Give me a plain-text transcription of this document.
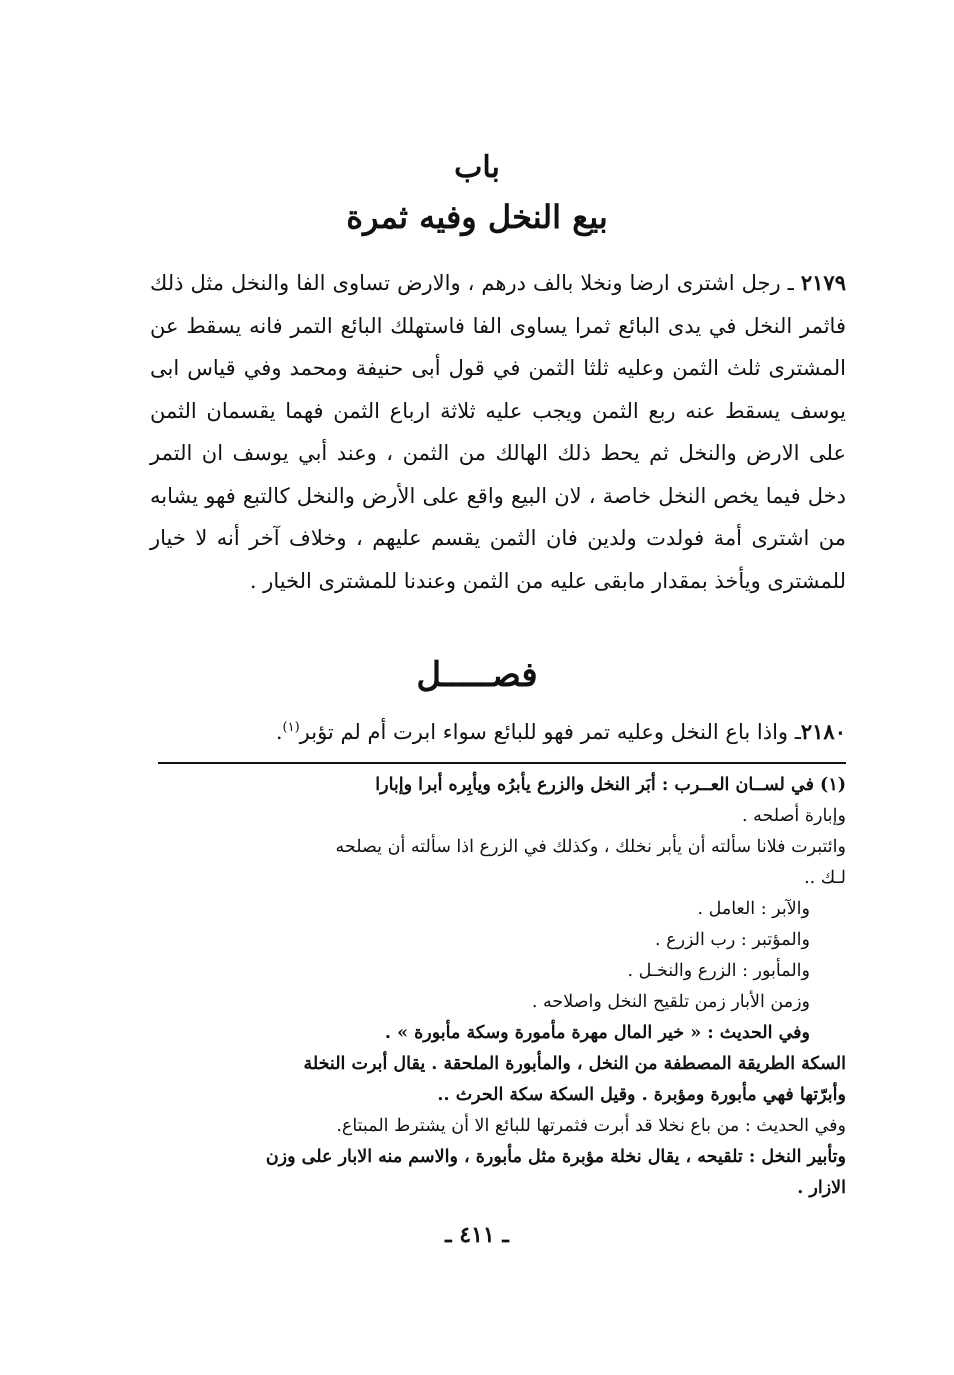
باب
بيع النخل وفيه ثمرة

٢١٧٩ ـ رجل اشترى ارضا ونخلا بالف درهم ، والارض تساوى الفا والنخل مثل ذلك فاثمر النخل في يدى البائع ثمرا يساوى الفا فاستهلك البائع التمر فانه يسقط عن المشترى ثلث الثمن وعليه ثلثا الثمن في قول أبى حنيفة ومحمد وفي قياس ابى يوسف يسقط عنه ربع الثمن ويجب عليه ثلاثة ارباع الثمن فهما يقسمان الثمن على الارض والنخل ثم يحط ذلك الهالك من الثمن ، وعند أبي يوسف ان التمر دخل فيما يخص النخل خاصة ، لان البيع واقع على الأرض والنخل كالتبع فهو يشابه من اشترى أمة فولدت ولدين فان الثمن يقسم عليهم ، وخلاف آخر أنه لا خيار للمشترى ويأخذ بمقدار مابقى عليه من الثمن وعندنا للمشترى الخيار .

فصـــــل

٢١٨٠ـ واذا باع النخل وعليه تمر فهو للبائع سواء ابرت أم لم تؤبر$^{(١)}$.

(١) في لســان العــرب : أبَر النخل والزرع يأبرُه ويأبِره أبرا وإبارا
وإبارة أصلحه .
وائتبرت فلانا سألته أن يأبر نخلك ، وكذلك في الزرع اذا سألته أن يصلحه
لـك ..
والآبر : العامل .
والمؤتبر : رب الزرع .
والمأبور : الزرع والنخـل .
وزمن الأبار زمن تلقيح النخل واصلاحه .
وفي الحديث : « خير المال مهرة مأمورة وسكة مأبورة » .
السكة الطريقة المصطفة من النخل ، والمأبورة الملحقة . يقال أبرت النخلة
وأبرّتها فهي مأبورة ومؤبرة . وقيل السكة سكة الحرث ..
وفي الحديث : من باع نخلا قد أبرت فثمرتها للبائع الا أن يشترط المبتاع.
وتأبير النخل : تلقيحه ، يقال نخلة مؤبرة مثل مأبورة ، والاسم منه الابار على وزن
الازار .
ـ ٤١١ ـ
